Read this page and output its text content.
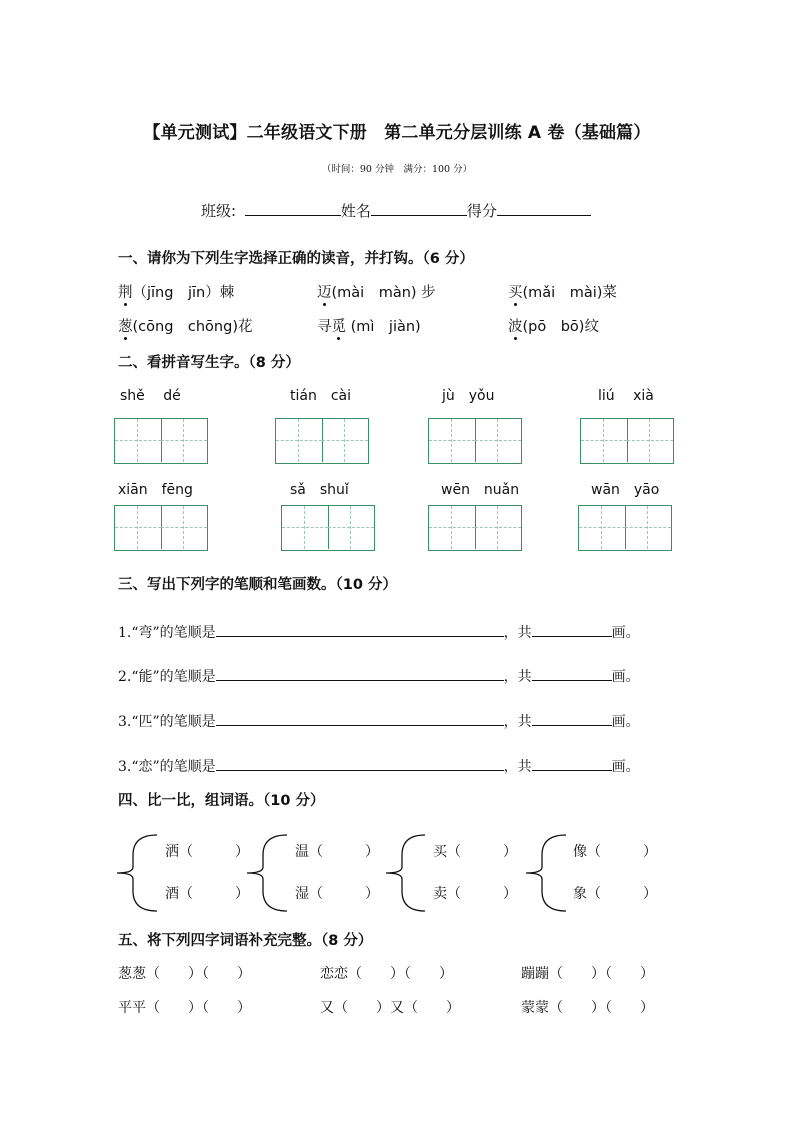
【单元测试】二年级语文下册　第二单元分层训练 A 卷（基础篇）
（时间：90 分钟　满分：100 分）
班级:	姓名	得分
一、请你为下列生字选择正确的读音，并打钩。（6 分）
荆（jīng　jīn）棘	迈(mài　màn) 步	买(mǎi　mài)菜
葱(cōng　chōng)花	寻觅 (mì　jiàn)	波(pō　bō)纹
二、看拼音写生字。（8 分）
shě　 dé	tián　cài	jù　yǒu	liú　 xià
xiān　fēng	sǎ　shuǐ	wēn　nuǎn	wān　yāo
三、写出下列字的笔顺和笔画数。（10 分）
1.“弯”的笔顺是	，共	画。
2.“能”的笔顺是	，共	画。
3.“匹”的笔顺是	，共	画。
3.“恋”的笔顺是	，共	画。
四、比一比，组词语。（10 分）
洒（　　　）
酒（　　　）
温（　　　）
湿（　　　）
买（　　　）
卖（　　　）
像（　　　）
象（　　　）
五、将下列四字词语补充完整。（8 分）
葱葱（　　）（　　）	恋恋（　　）（　　）	蹦蹦（　　）（　　）
平平（　　）（　　）	又（　　）又（　　）	蒙蒙（　　）（　　）
